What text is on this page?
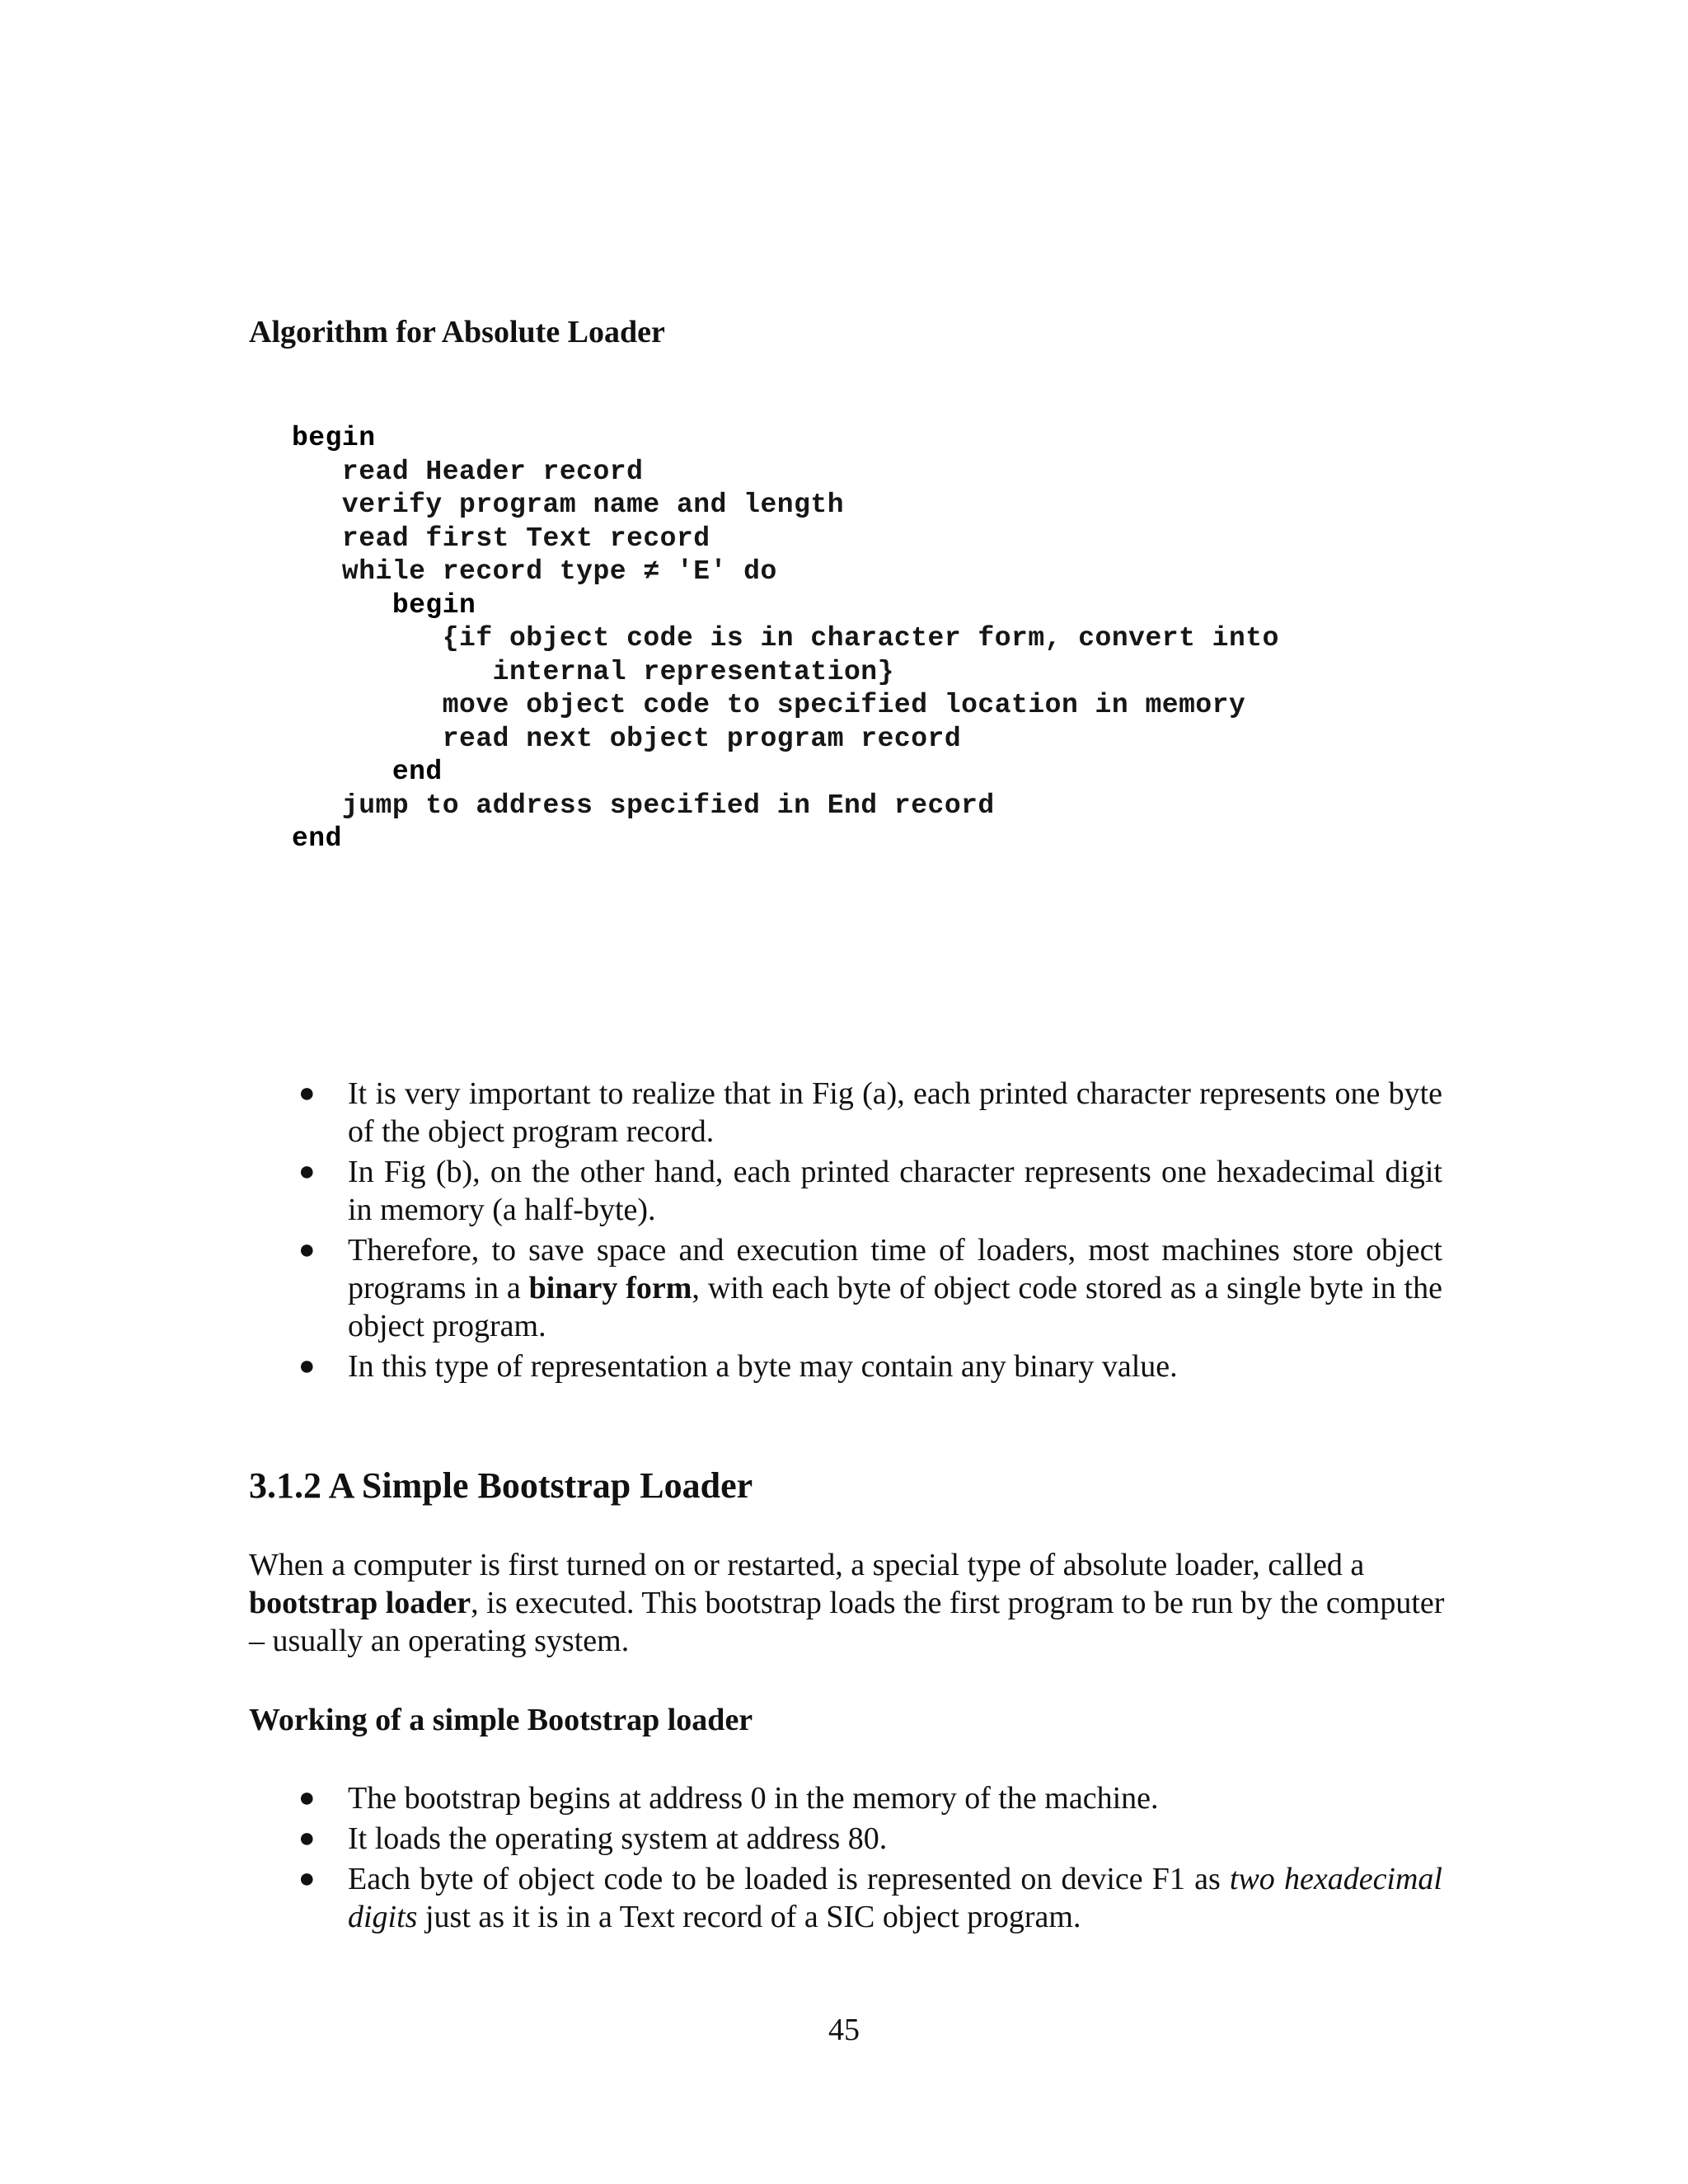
Algorithm for Absolute Loader
begin
read Header record
verify program name and length
read first Text record
while record type ≠ 'E' do
begin
{if object code is in character form, convert into
internal representation}
move object code to specified location in memory
read next object program record
end
jump to address specified in End record
end
● It is very important to realize that in Fig (a), each printed character represents one byte of the object program record.
● In Fig (b), on the other hand, each printed character represents one hexadecimal digit in memory (a half-byte).
● Therefore, to save space and execution time of loaders, most machines store object programs in a binary form, with each byte of object code stored as a single byte in the object program.
● In this type of representation a byte may contain any binary value.
3.1.2 A Simple Bootstrap Loader
When a computer is first turned on or restarted, a special type of absolute loader, called a bootstrap loader, is executed. This bootstrap loads the first program to be run by the computer – usually an operating system.
Working of a simple Bootstrap loader
● The bootstrap begins at address 0 in the memory of the machine.
● It loads the operating system at address 80.
● Each byte of object code to be loaded is represented on device F1 as two hexadecimal digits just as it is in a Text record of a SIC object program.
45
